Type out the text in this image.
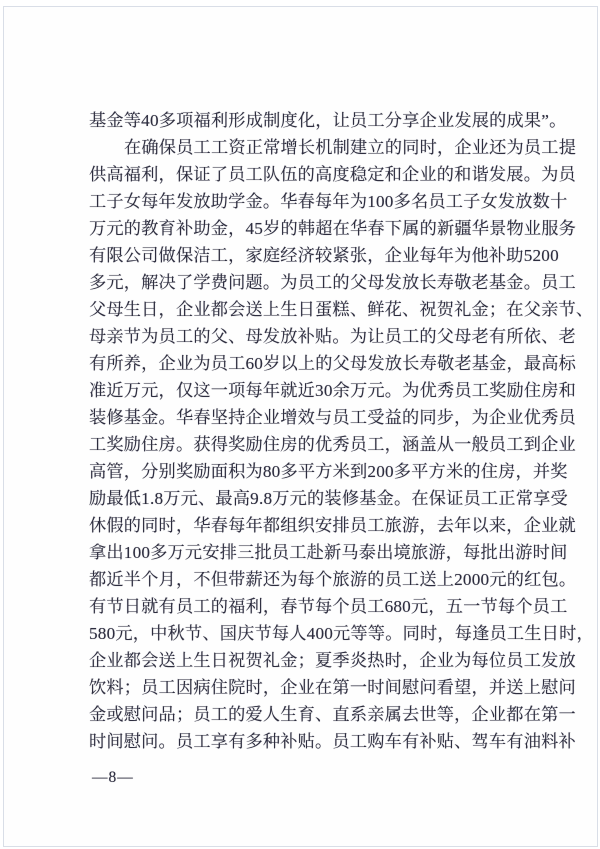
基金等40多项福利形成制度化，让员工分享企业发展的成果”。
在确保员工工资正常增长机制建立的同时，企业还为员工提
供高福利，保证了员工队伍的高度稳定和企业的和谐发展。为员
工子女每年发放助学金。华春每年为100多名员工子女发放数十
万元的教育补助金，45岁的韩超在华春下属的新疆华景物业服务
有限公司做保洁工，家庭经济较紧张，企业每年为他补助5200
多元，解决了学费问题。为员工的父母发放长寿敬老基金。员工
父母生日，企业都会送上生日蛋糕、鲜花、祝贺礼金；在父亲节、
母亲节为员工的父、母发放补贴。为让员工的父母老有所依、老
有所养，企业为员工60岁以上的父母发放长寿敬老基金，最高标
准近万元，仅这一项每年就近30余万元。为优秀员工奖励住房和
装修基金。华春坚持企业增效与员工受益的同步，为企业优秀员
工奖励住房。获得奖励住房的优秀员工，涵盖从一般员工到企业
高管，分别奖励面积为80多平方米到200多平方米的住房，并奖
励最低1.8万元、最高9.8万元的装修基金。在保证员工正常享受
休假的同时，华春每年都组织安排员工旅游，去年以来，企业就
拿出100多万元安排三批员工赴新马泰出境旅游，每批出游时间
都近半个月，不但带薪还为每个旅游的员工送上2000元的红包。
有节日就有员工的福利，春节每个员工680元，五一节每个员工
580元，中秋节、国庆节每人400元等等。同时，每逢员工生日时，
企业都会送上生日祝贺礼金；夏季炎热时，企业为每位员工发放
饮料；员工因病住院时，企业在第一时间慰问看望，并送上慰问
金或慰问品；员工的爱人生育、直系亲属去世等，企业都在第一
时间慰问。员工享有多种补贴。员工购车有补贴、驾车有油料补
—8—
